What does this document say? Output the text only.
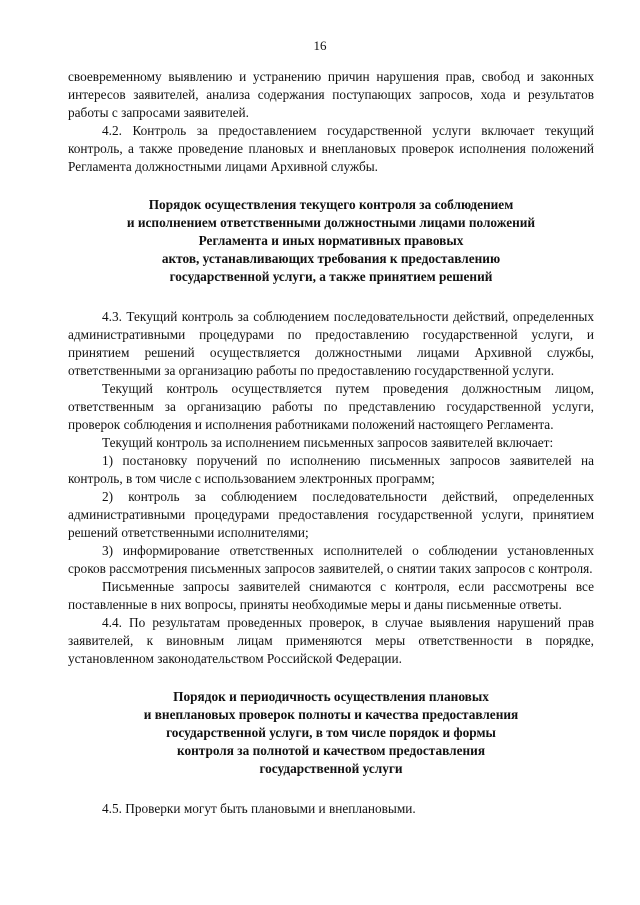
16

своевременному выявлению и устранению причин нарушения прав, свобод и законных интересов заявителей, анализа содержания поступающих запросов, хода и результатов работы с запросами заявителей.

4.2. Контроль за предоставлением государственной услуги включает текущий контроль, а также проведение плановых и внеплановых проверок исполнения положений Регламента должностными лицами Архивной службы.

Порядок осуществления текущего контроля за соблюдением
и исполнением ответственными должностными лицами положений
Регламента и иных нормативных правовых
актов, устанавливающих требования к предоставлению
государственной услуги, а также принятием решений

4.3. Текущий контроль за соблюдением последовательности действий, определенных административными процедурами по предоставлению государственной услуги, и принятием решений осуществляется должностными лицами Архивной службы, ответственными за организацию работы по предоставлению государственной услуги.

Текущий контроль осуществляется путем проведения должностным лицом, ответственным за организацию работы по представлению государственной услуги, проверок соблюдения и исполнения работниками положений настоящего Регламента.

Текущий контроль за исполнением письменных запросов заявителей включает:

1) постановку поручений по исполнению письменных запросов заявителей на контроль, в том числе с использованием электронных программ;

2) контроль за соблюдением последовательности действий, определенных административными процедурами предоставления государственной услуги, принятием решений ответственными исполнителями;

3) информирование ответственных исполнителей о соблюдении установленных сроков рассмотрения письменных запросов заявителей, о снятии таких запросов с контроля.

Письменные запросы заявителей снимаются с контроля, если рассмотрены все поставленные в них вопросы, приняты необходимые меры и даны письменные ответы.

4.4. По результатам проведенных проверок, в случае выявления нарушений прав заявителей, к виновным лицам применяются меры ответственности в порядке, установленном законодательством Российской Федерации.

Порядок и периодичность осуществления плановых
и внеплановых проверок полноты и качества предоставления
государственной услуги, в том числе порядок и формы
контроля за полнотой и качеством предоставления
государственной услуги

4.5. Проверки могут быть плановыми и внеплановыми.
